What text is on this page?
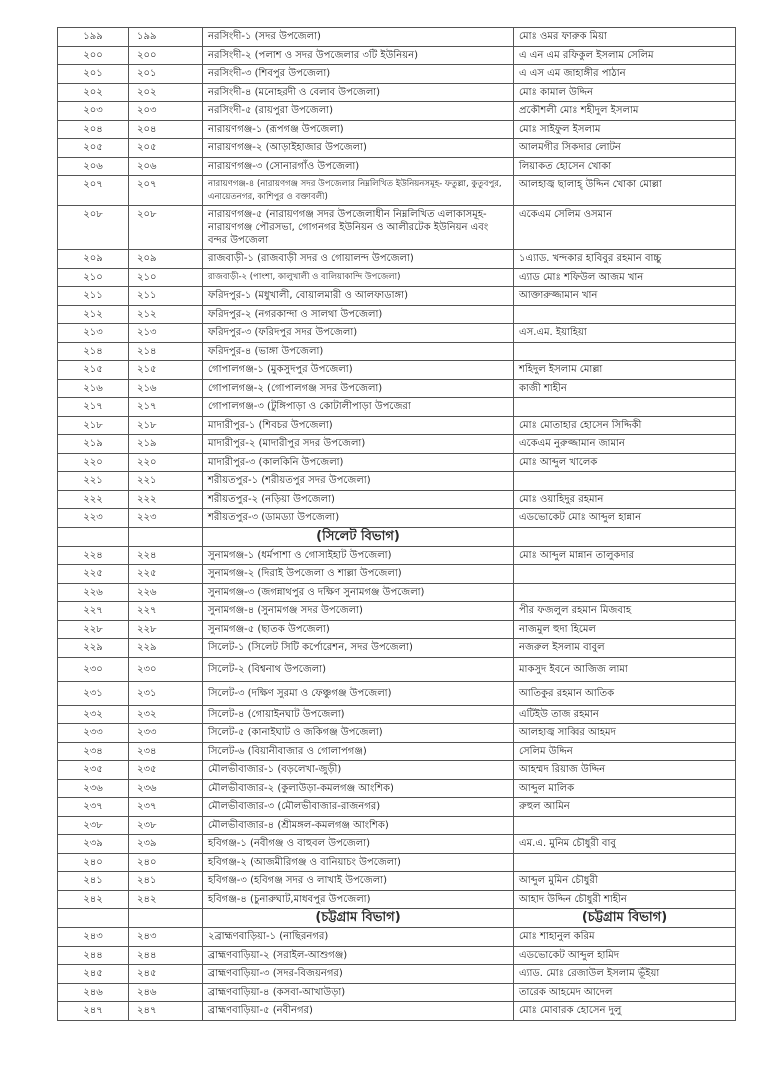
১৯৯	১৯৯	নরসিংদী-১ (সদর উপজেলা)	মোঃ ওমর ফারুক মিয়া
২০০	২০০	নরসিংদী-২ (পলাশ ও সদর উপজেলার ৩টি ইউনিয়ন)	এ এন এম রফিকুল ইসলাম সেলিম
২০১	২০১	নরসিংদী-৩ (শিবপুর উপজেলা)	এ এস এম জাহাঙ্গীর পাঠান
২০২	২০২	নরসিংদী-৪ (মনোহরদী ও বেলাব উপজেলা)	মোঃ কামাল উদ্দিন
২০৩	২০৩	নরসিংদী-৫ (রায়পুরা উপজেলা)	প্রকৌশলী মোঃ শহীদুল ইসলাম
২০৪	২০৪	নারায়ণগঞ্জ-১ (রূপগঞ্জ উপজেলা)	মোঃ সাইফুল ইসলাম
২০৫	২০৫	নারায়ণগঞ্জ-২ (আড়াইহাজার উপজেলা)	আলমগীর সিকদার লোটন
২০৬	২০৬	নারায়ণগঞ্জ-৩ (সোনারগাঁও উপজেলা)	লিয়াকত হোসেন খোকা
২০৭	২০৭	নারায়ণগঞ্জ-৪ (নারায়ণগঞ্জ সদর উপজেলার নিম্নলিখিত ইউনিয়নসমূহ- ফতুল্লা, কুতুবপুর, এনায়েতনগর, কাশিপুর ও বক্তাবলী)	আলহাজ্ব ছালাহ্ উদ্দিন খোকা মোল্লা
২০৮	২০৮	নারায়ণগঞ্জ-৫ (নারায়ণগঞ্জ সদর উপজেলাধীন নিম্নলিখিত এলাকাসমূহ- নারায়ণগঞ্জ পৌরসভা, গোগনগর ইউনিয়ন ও আলীরটেক ইউনিয়ন এবং বন্দর উপজেলা	একেএম সেলিম ওসমান
২০৯	২০৯	রাজবাড়ী-১ (রাজবাড়ী সদর ও গোয়ালন্দ উপজেলা)	১এ্যাড. খন্দকার হাবিবুর রহমান বাচ্চু
২১০	২১০	রাজবাড়ী-২ (পাংশা, কালুখালী ও বালিয়াকান্দি উপজেলা)	এ্যাড মোঃ শফিউল আজম খান
২১১	২১১	ফরিদপুর-১ (মধুখালী, বোয়ালমারী ও আলফাডাঙ্গা)	আক্তারুজ্জামান খান
২১২	২১২	ফরিদপুর-২ (নগরকান্দা ও সালথা উপজেলা)	
২১৩	২১৩	ফরিদপুর-৩ (ফরিদপুর সদর উপজেলা)	এস.এম. ইয়াহিয়া
২১৪	২১৪	ফরিদপুর-৪ (ভাঙ্গা উপজেলা)	
২১৫	২১৫	গোপালগঞ্জ-১ (মুকসুদপুর উপজেলা)	শহিদুল ইসলাম মোল্লা
২১৬	২১৬	গোপালগঞ্জ-২ (গোপালগঞ্জ সদর উপজেলা)	কাজী শাহীন
২১৭	২১৭	গোপালগঞ্জ-৩ (টুঙ্গিপাড়া ও কোটালীপাড়া উপজেরা	
২১৮	২১৮	মাদারীপুর-১ (শিবচর উপজেলা)	মোঃ মোতাহার হোসেন সিদ্দিকী
২১৯	২১৯	মাদারীপুর-২ (মাদারীপুর সদর উপজেলা)	একেএম নুরুজ্জামান জামান
২২০	২২০	মাদারীপুর-৩ (কালকিনি উপজেলা)	মোঃ আব্দুল খালেক
২২১	২২১	শরীয়তপুর-১ (শরীয়তপুর সদর উপজেলা)	
২২২	২২২	শরীয়তপুর-২ (নড়িয়া উপজেলা)	মোঃ ওয়াহিদুর রহমান
২২৩	২২৩	শরীয়তপুর-৩ (ডামড্যা উপজেলা)	এডভোকেট মোঃ আব্দুল হান্নান
		(সিলেট বিভাগ)	
২২৪	২২৪	সুনামগঞ্জ-১ (ধর্মপাশা ও গোসাইহাট উপজেলা)	মোঃ আব্দুল মান্নান তালুকদার
২২৫	২২৫	সুনামগঞ্জ-২ (দিরাই উপজেলা ও শাল্লা উপজেলা)	
২২৬	২২৬	সুনামগঞ্জ-৩ (জগন্নাথপুর ও দক্ষিণ সুনামগঞ্জ উপজেলা)	
২২৭	২২৭	সুনামগঞ্জ-৪ (সুনামগঞ্জ সদর উপজেলা)	পীর ফজলুল রহমান মিজবাহ
২২৮	২২৮	সুনামগঞ্জ-৫ (ছাতক উপজেলা)	নাজমুল হুদা হিমেল
২২৯	২২৯	সিলেট-১ (সিলেট সিটি কর্পোরেশন, সদর উপজেলা)	নজরুল ইসলাম বাবুল
২৩০	২৩০	সিলেট-২ (বিশ্বনাথ উপজেলা)	মাকসুদ ইবনে আজিজ লামা
২৩১	২৩১	সিলেট-৩ (দক্ষিণ সুরমা ও ফেঞ্চুগঞ্জ উপজেলা)	আতিকুর রহমান আতিক
২৩২	২৩২	সিলেট-৪ (গোয়াইনঘাট উপজেলা)	এটিইউ তাজ রহমান
২৩৩	২৩৩	সিলেট-৫ (কানাইঘাট ও জকিগঞ্জ উপজেলা)	আলহাজ্ব সাব্বির আহমদ
২৩৪	২৩৪	সিলেট-৬ (বিয়ানীবাজার ও গোলাপগঞ্জ)	সেলিম উদ্দিন
২৩৫	২৩৫	মৌলভীবাজার-১ (বড়লেখা-জুড়ী)	আহম্মদ রিয়াজ উদ্দিন
২৩৬	২৩৬	মৌলভীবাজার-২ (কুলাউড়া-কমলগঞ্জ আংশিক)	আব্দুল মালিক
২৩৭	২৩৭	মৌলভীবাজার-৩ (মৌলভীবাজার-রাজনগর)	রুহুল আমিন
২৩৮	২৩৮	মৌলভীবাজার-৪ (শ্রীমঙ্গল-কমলগঞ্জ আংশিক)	
২৩৯	২৩৯	হবিগঞ্জ-১ (নবীগঞ্জ ও বাহুবল উপজেলা)	এম.এ. মুনিম চৌধুরী বাবু
২৪০	২৪০	হবিগঞ্জ-২ (আজমীরিগঞ্জ ও বানিয়াচং উপজেলা)	
২৪১	২৪১	হবিগঞ্জ-৩ (হবিগঞ্জ সদর ও লাখাই উপজেলা)	আব্দুল মুমিন চৌধুরী
২৪২	২৪২	হবিগঞ্জ-৪ (চুনারুঘাট,মাধবপুর উপজেলা)	আহাদ উদ্দিন চৌধুরী শাহীন
		(চট্টগ্রাম বিভাগ)	(চট্টগ্রাম বিভাগ)
২৪৩	২৪৩	২ব্রাহ্মণবাড়িয়া-১ (নাছিরনগর)	মোঃ শাহানুল করিম
২৪৪	২৪৪	ব্রাহ্মণবাড়িয়া-২ (সরাইল-আশুগঞ্জ)	এডভোকেট আব্দুল হামিদ
২৪৫	২৪৫	ব্রাহ্মণবাড়িয়া-৩ (সদর-বিজয়নগর)	এ্যাড. মোঃ রেজাউল ইসলাম ভূঁইয়া
২৪৬	২৪৬	ব্রাহ্মণবাড়িয়া-৪ (কসবা-আখাউড়া)	তারেক আহমেদ আদেল
২৪৭	২৪৭	ব্রাহ্মণবাড়িয়া-৫ (নবীনগর)	মোঃ মোবারক হোসেন দুলু
